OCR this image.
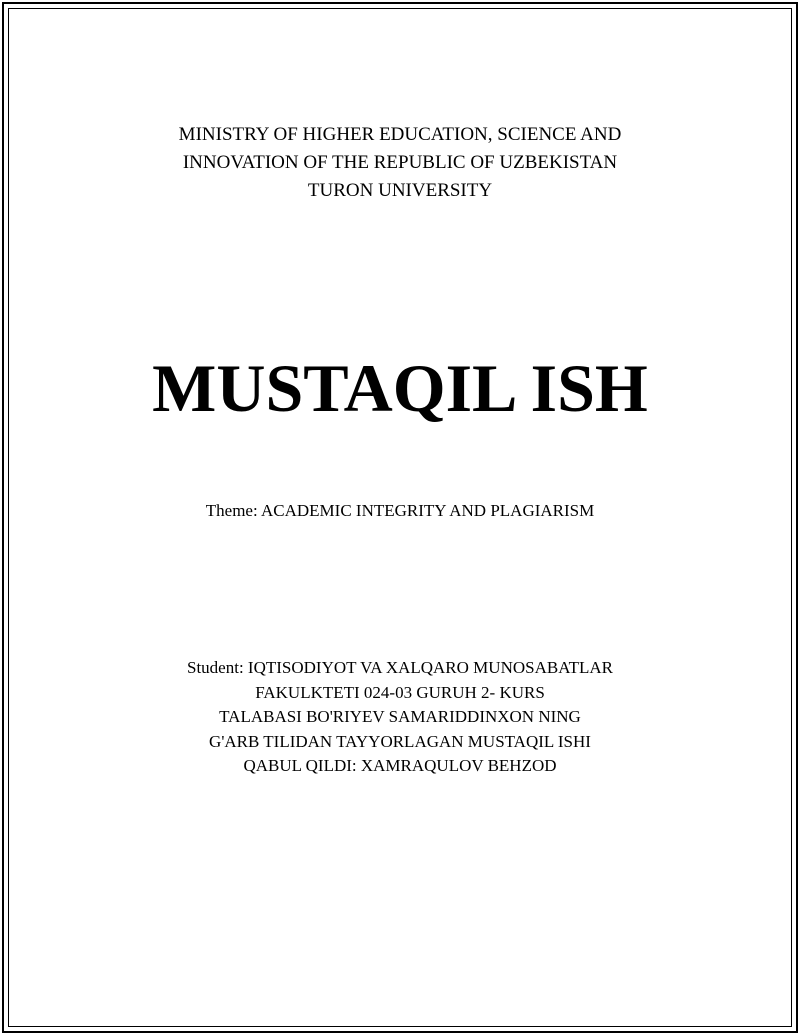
MINISTRY OF HIGHER EDUCATION, SCIENCE AND
INNOVATION OF THE REPUBLIC OF UZBEKISTAN
TURON UNIVERSITY
MUSTAQIL ISH
Theme: ACADEMIC INTEGRITY AND PLAGIARISM
Student: IQTISODIYOT VA XALQARO MUNOSABATLAR
FAKULKTETI 024-03 GURUH 2- KURS
TALABASI BO'RIYEV SAMARIDDINXON NING
G'ARB TILIDAN TAYYORLAGAN MUSTAQIL ISHI
QABUL QILDI: XAMRAQULOV BEHZOD
